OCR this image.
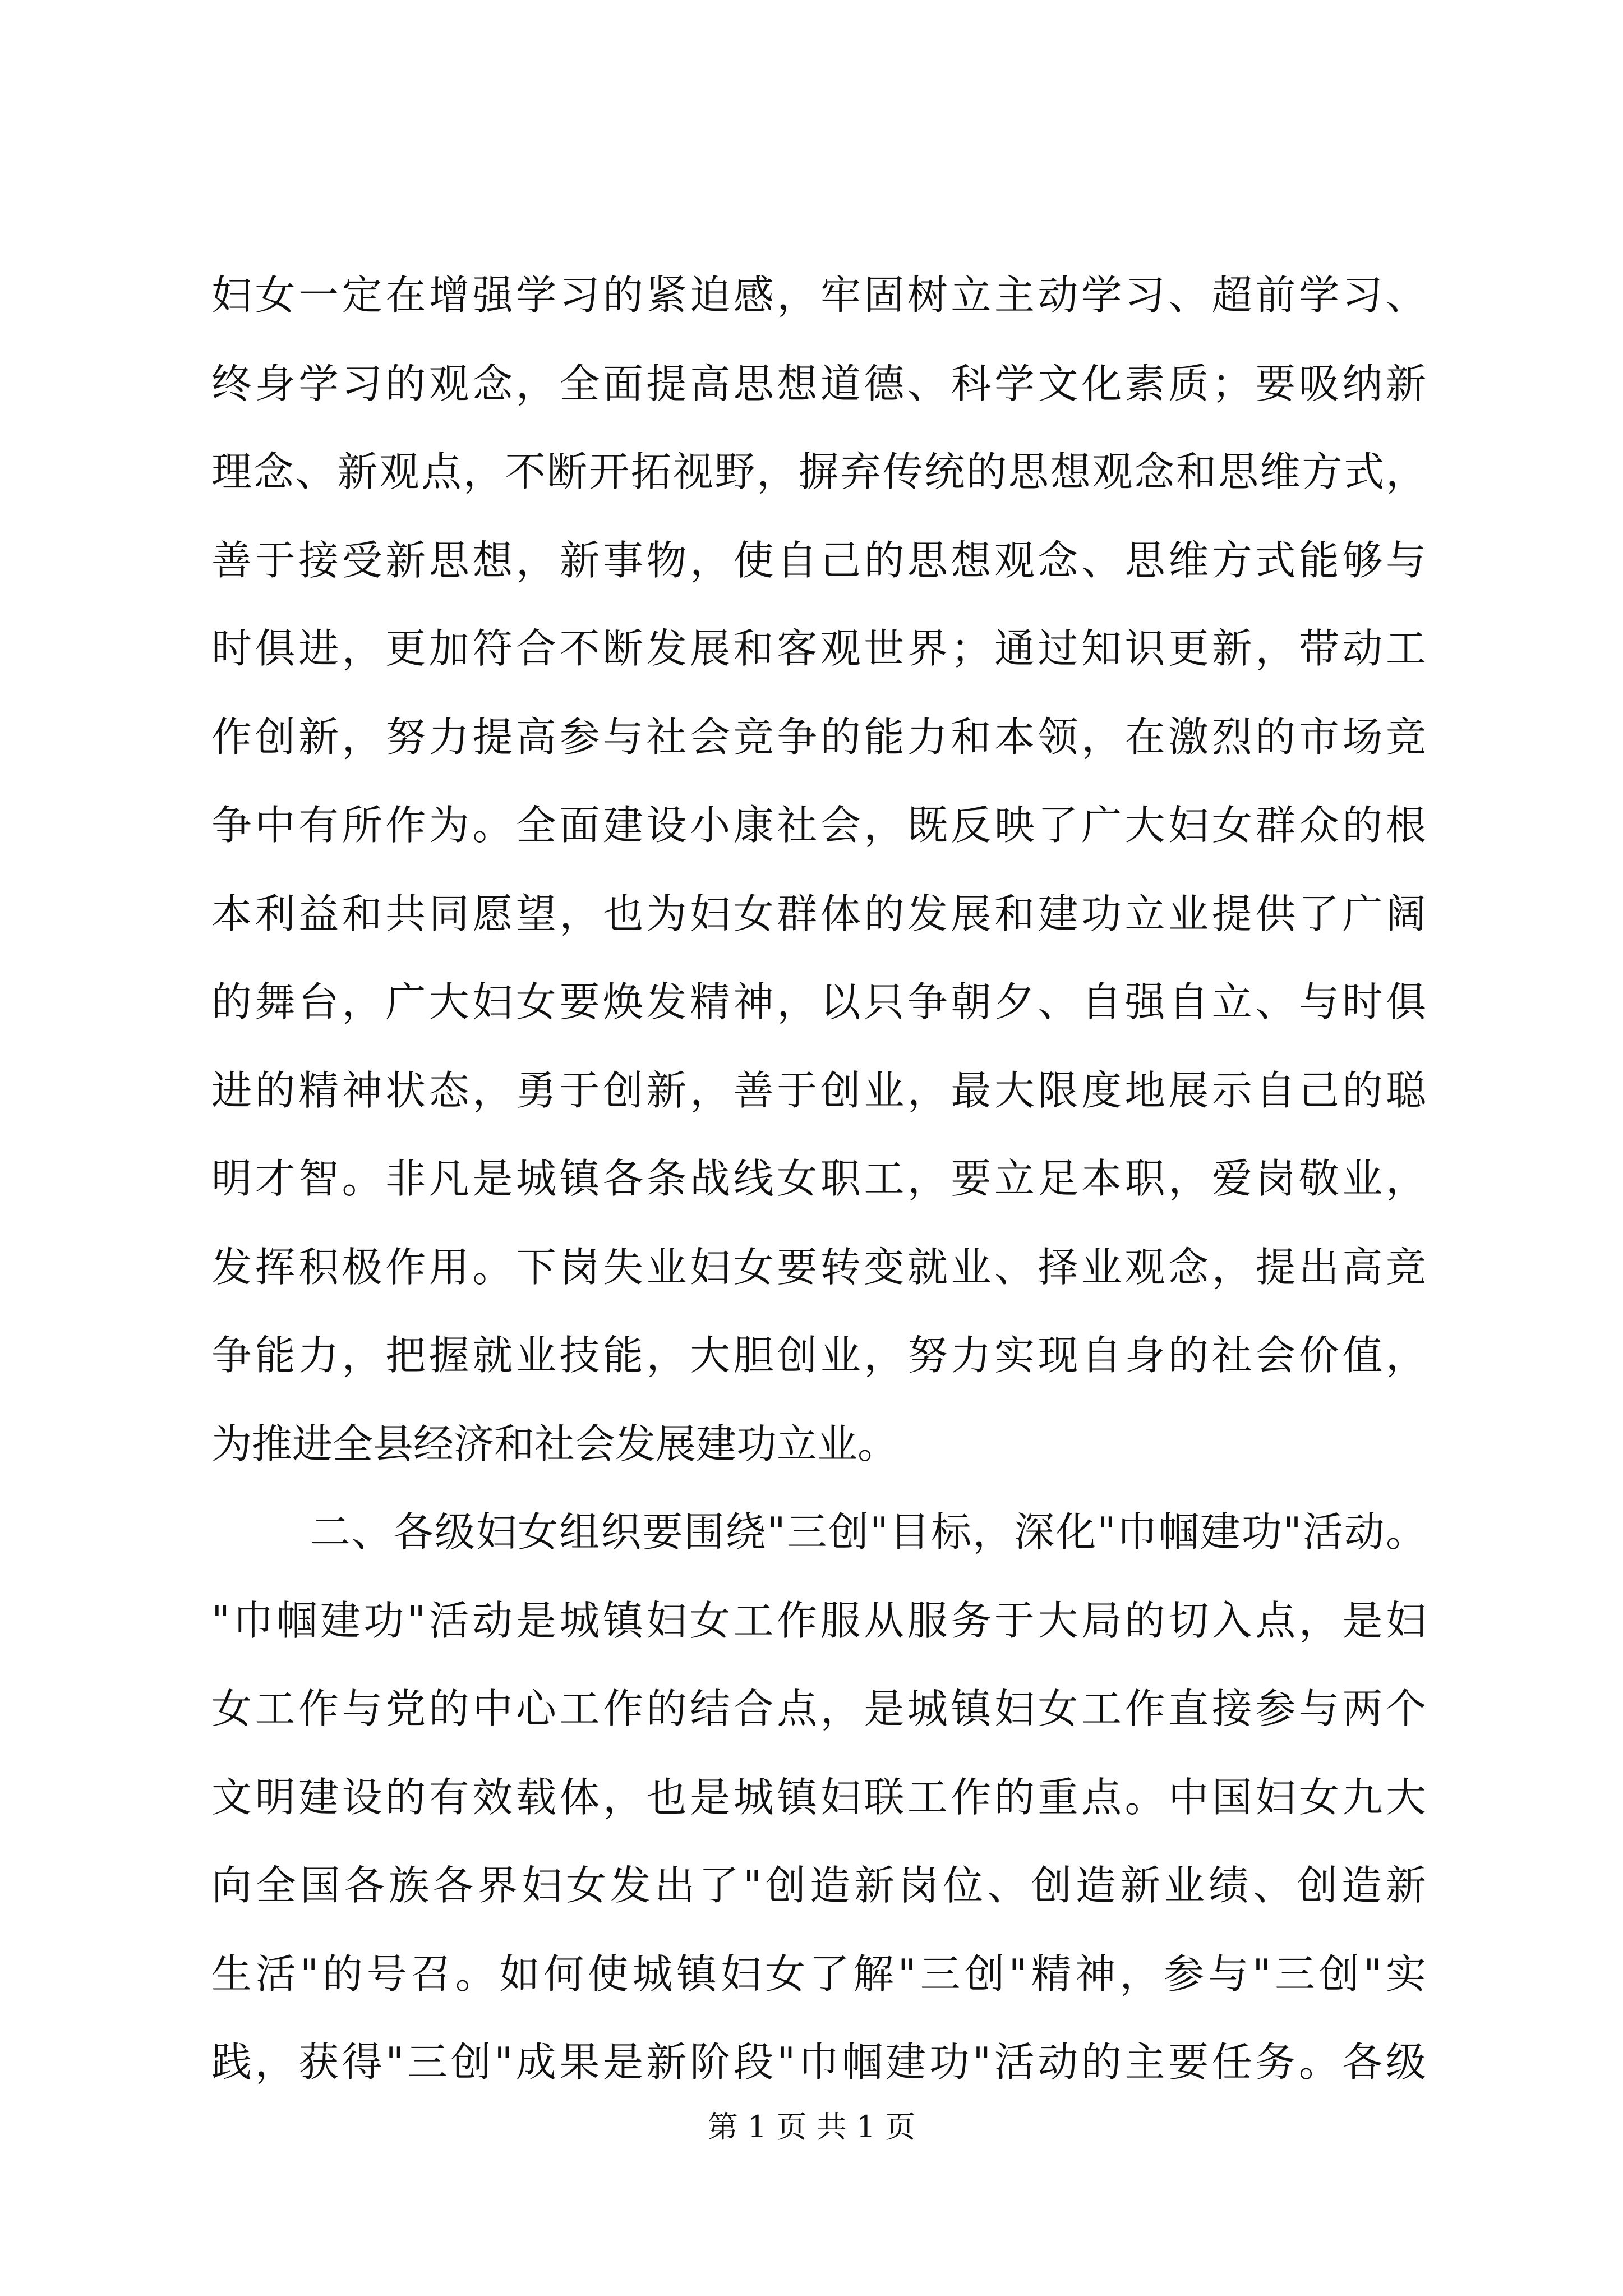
妇女一定在增强学习的紧迫感，牢固树立主动学习、超前学习、
终身学习的观念，全面提高思想道德、科学文化素质；要吸纳新
理念、新观点，不断开拓视野，摒弃传统的思想观念和思维方式，
善于接受新思想，新事物，使自己的思想观念、思维方式能够与
时俱进，更加符合不断发展和客观世界；通过知识更新，带动工
作创新，努力提高参与社会竞争的能力和本领，在激烈的市场竞
争中有所作为。全面建设小康社会，既反映了广大妇女群众的根
本利益和共同愿望，也为妇女群体的发展和建功立业提供了广阔
的舞台，广大妇女要焕发精神，以只争朝夕、自强自立、与时俱
进的精神状态，勇于创新，善于创业，最大限度地展示自己的聪
明才智。非凡是城镇各条战线女职工，要立足本职，爱岗敬业，
发挥积极作用。下岗失业妇女要转变就业、择业观念，提出高竞
争能力，把握就业技能，大胆创业，努力实现自身的社会价值，
为推进全县经济和社会发展建功立业。
二、各级妇女组织要围绕"三创"目标，深化"巾帼建功"活动。
"巾帼建功"活动是城镇妇女工作服从服务于大局的切入点，是妇
女工作与党的中心工作的结合点，是城镇妇女工作直接参与两个
文明建设的有效载体，也是城镇妇联工作的重点。中国妇女九大
向全国各族各界妇女发出了"创造新岗位、创造新业绩、创造新
生活"的号召。如何使城镇妇女了解"三创"精神，参与"三创"实
践，获得"三创"成果是新阶段"巾帼建功"活动的主要任务。各级
第 1 页 共 1 页
